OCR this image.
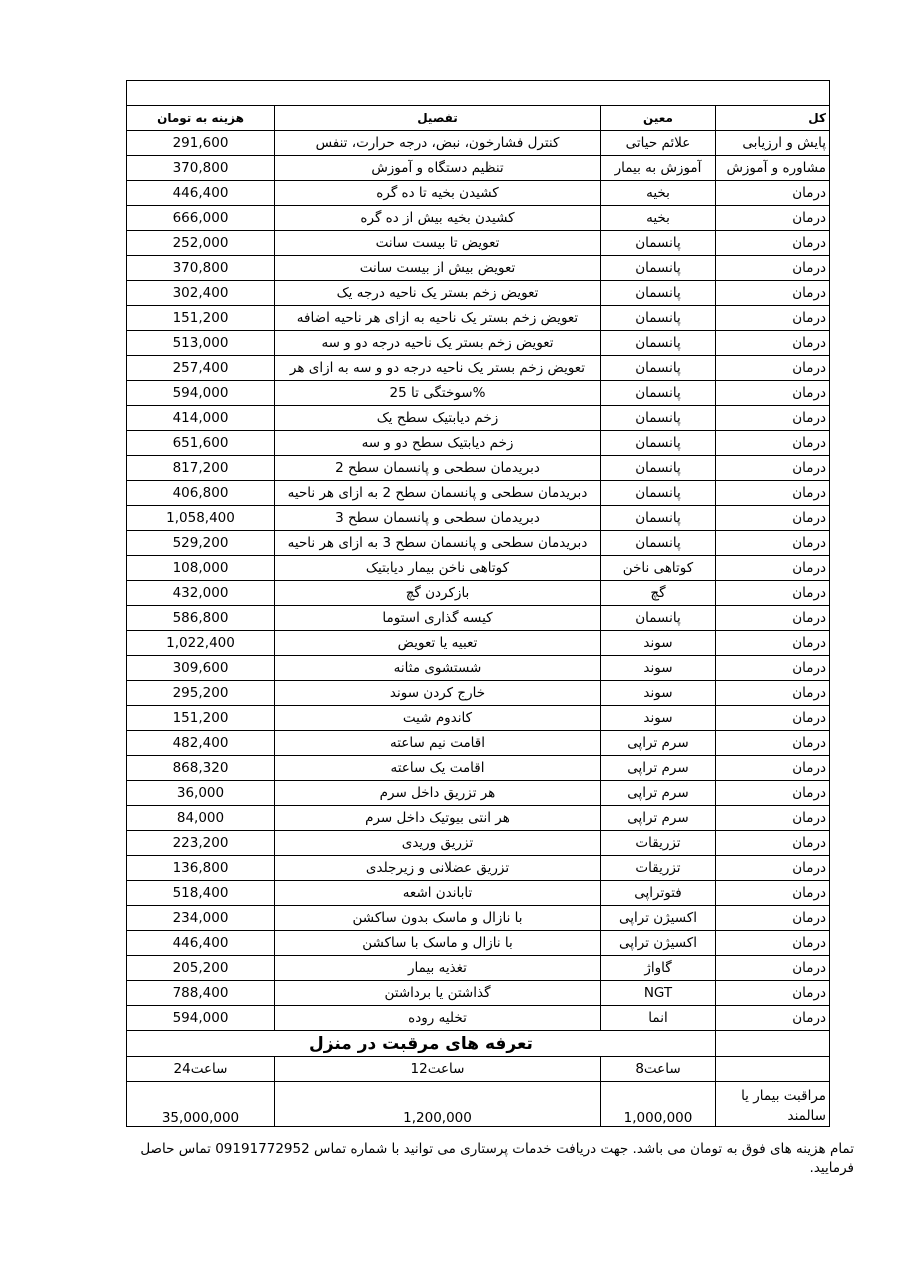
هزینه به تومان	تفصیل	معین	کل
291,600	کنترل فشارخون، نبض، درجه حرارت، تنفس	علائم حیاتی	پایش و ارزیابی
370,800	تنظیم دستگاه و آموزش	آموزش به بیمار	مشاوره و آموزش
446,400	کشیدن بخیه تا ده گره	بخیه	درمان
666,000	کشیدن بخیه بیش از ده گره	بخیه	درمان
252,000	تعویض تا بیست سانت	پانسمان	درمان
370,800	تعویض بیش از بیست سانت	پانسمان	درمان
302,400	تعویض زخم بستر یک ناحیه درجه یک	پانسمان	درمان
151,200	تعویض زخم بستر یک ناحیه به ازای هر ناحیه اضافه	پانسمان	درمان
513,000	تعویض زخم بستر یک ناحیه درجه دو و سه	پانسمان	درمان
257,400	تعویض زخم بستر یک ناحیه درجه دو و سه به ازای هر	پانسمان	درمان
594,000	%سوختگی تا 25	پانسمان	درمان
414,000	زخم دیابتیک سطح یک	پانسمان	درمان
651,600	زخم دیابتیک سطح دو و سه	پانسمان	درمان
817,200	دبریدمان سطحی و پانسمان سطح 2	پانسمان	درمان
406,800	دبریدمان سطحی و پانسمان سطح 2 به ازای هر ناحیه	پانسمان	درمان
1,058,400	دبریدمان سطحی و پانسمان سطح 3	پانسمان	درمان
529,200	دبریدمان سطحی و پانسمان سطح 3 به ازای هر ناحیه	پانسمان	درمان
108,000	کوتاهی ناخن بیمار دیابتیک	کوتاهی ناخن	درمان
432,000	بازکردن گچ	گچ	درمان
586,800	کیسه گذاری استوما	پانسمان	درمان
1,022,400	تعبیه یا تعویض	سوند	درمان
309,600	شستشوی مثانه	سوند	درمان
295,200	خارج کردن سوند	سوند	درمان
151,200	کاندوم شیت	سوند	درمان
482,400	اقامت نیم ساعته	سرم تراپی	درمان
868,320	اقامت یک ساعته	سرم تراپی	درمان
36,000	هر تزریق داخل سرم	سرم تراپی	درمان
84,000	هر انتی بیوتیک داخل سرم	سرم تراپی	درمان
223,200	تزریق وریدی	تزریقات	درمان
136,800	تزریق عضلانی و زیرجلدی	تزریقات	درمان
518,400	تاباندن اشعه	فتوتراپی	درمان
234,000	با نازال و ماسک بدون ساکشن	اکسیژن تراپی	درمان
446,400	با نازال و ماسک با ساکشن	اکسیژن تراپی	درمان
205,200	تغذیه بیمار	گاواژ	درمان
788,400	گذاشتن یا برداشتن	NGT	درمان
594,000	تخلیه روده	انما	درمان
تعرفه های مرقبت در منزل			
ساعت24	ساعت12	ساعت8	
35,000,000	1,200,000	1,000,000	مراقبت بیمار یا سالمند
تمام هزینه های فوق به تومان می باشد. جهت دریافت خدمات پرستاری می توانید با شماره تماس 09191772952 تماس حاصل فرمایید.
